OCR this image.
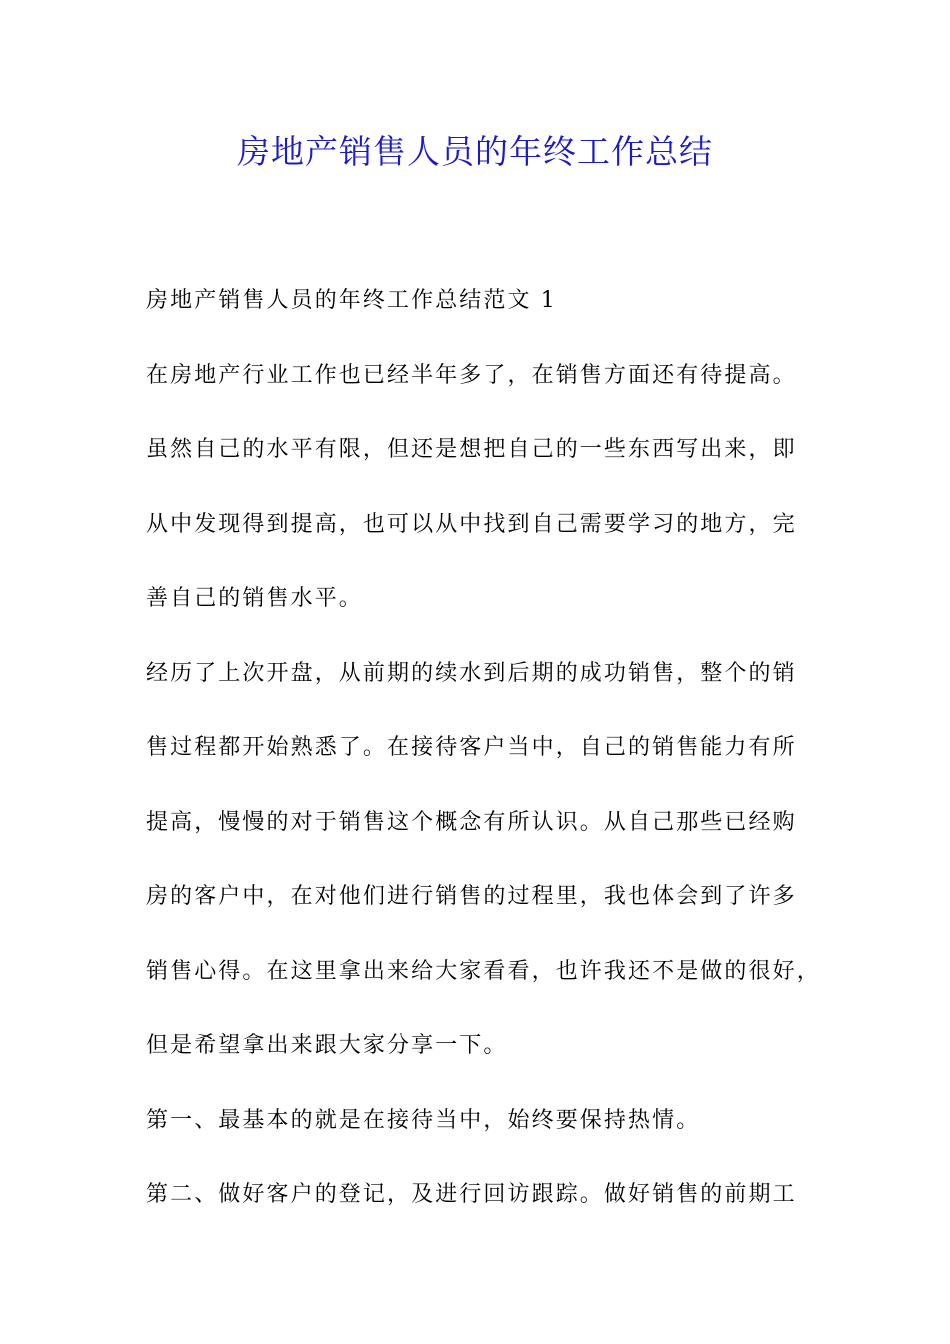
房地产销售人员的年终工作总结
房地产销售人员的年终工作总结范文 1
在房地产行业工作也已经半年多了，在销售方面还有待提高。
虽然自己的水平有限，但还是想把自己的一些东西写出来，即
从中发现得到提高，也可以从中找到自己需要学习的地方，完
善自己的销售水平。
经历了上次开盘，从前期的续水到后期的成功销售，整个的销
售过程都开始熟悉了。在接待客户当中，自己的销售能力有所
提高，慢慢的对于销售这个概念有所认识。从自己那些已经购
房的客户中，在对他们进行销售的过程里，我也体会到了许多
销售心得。在这里拿出来给大家看看，也许我还不是做的很好，
但是希望拿出来跟大家分享一下。
第一、最基本的就是在接待当中，始终要保持热情。
第二、做好客户的登记，及进行回访跟踪。做好销售的前期工
